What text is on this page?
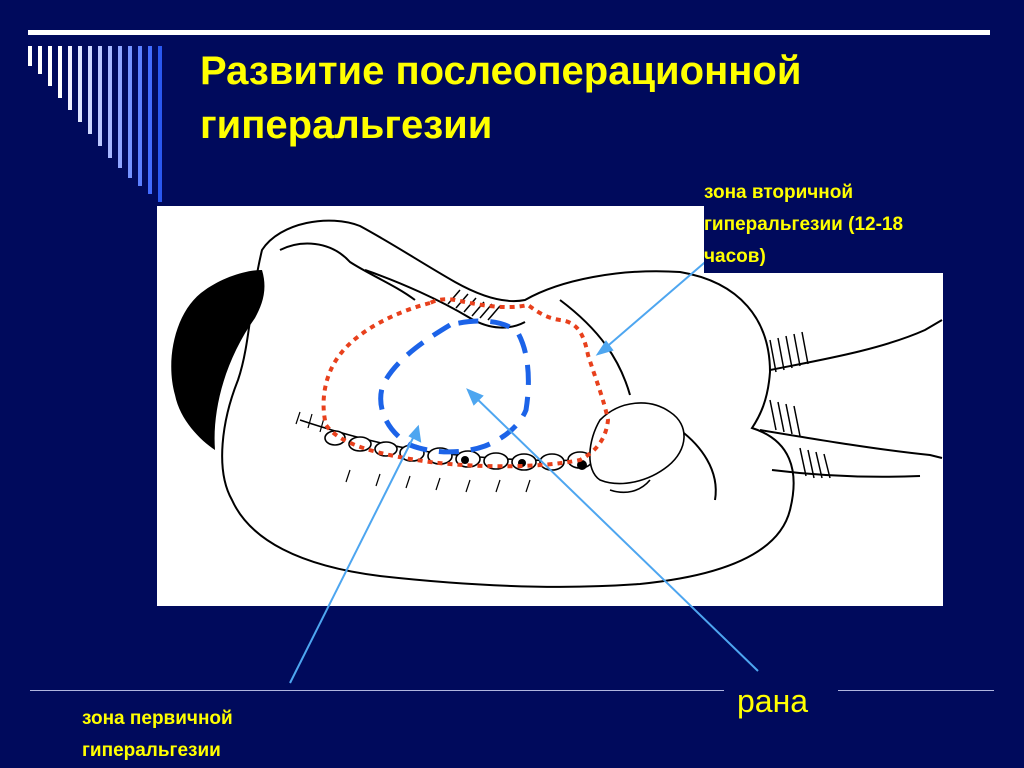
Развитие послеоперационной гиперальгезии
зона вторичной гиперальгезии (12-18 часов)
зона первичной гиперальгезии
рана
